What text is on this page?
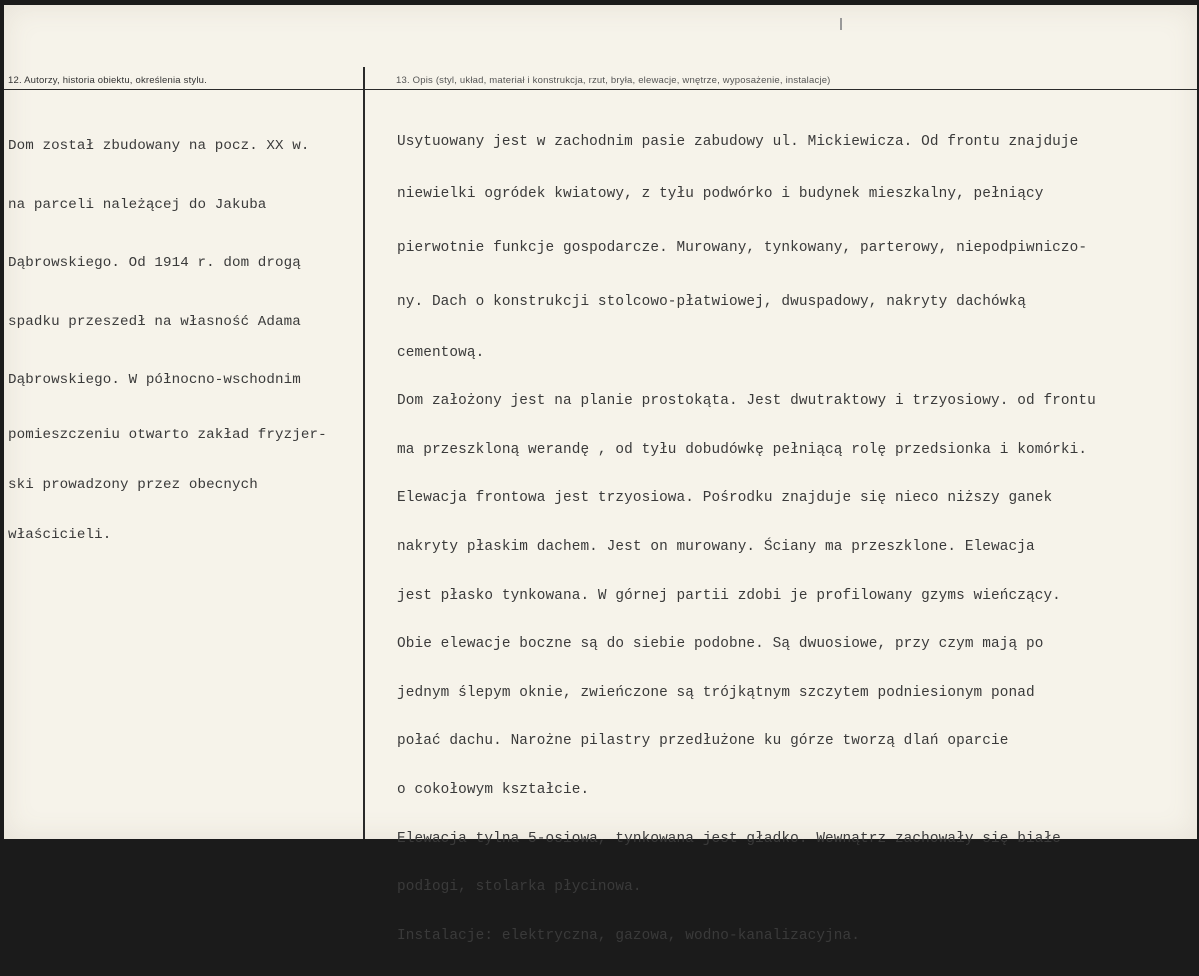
12. Autorzy, historia obiektu, określenia stylu.	13. Opis (styl, układ, materiał i konstrukcja, rzut, bryła, elewacje, wnętrze, wyposażenie, instalacje)

Dom został zbudowany na pocz. XX w.

na parceli należącej do Jakuba

Dąbrowskiego. Od 1914 r. dom drogą

spadku przeszedł na własność Adama

Dąbrowskiego. W północno-wschodnim

pomieszczeniu otwarto zakład fryzjer-

ski prowadzony przez obecnych

właścicieli.

Usytuowany jest w zachodnim pasie zabudowy ul. Mickiewicza. Od frontu znajduje

niewielki ogródek kwiatowy, z tyłu podwórko i budynek mieszkalny, pełniący

pierwotnie funkcje gospodarcze. Murowany, tynkowany, parterowy, niepodpiwniczo-

ny. Dach o konstrukcji stolcowo-płatwiowej, dwuspadowy, nakryty dachówką

cementową.

Dom założony jest na planie prostokąta. Jest dwutraktowy i trzyosiowy. od frontu

ma przeszkloną werandę , od tyłu dobudówkę pełniącą rolę przedsionka i komórki.

Elewacja frontowa jest trzyosiowa. Pośrodku znajduje się nieco niższy ganek

nakryty płaskim dachem. Jest on murowany. Ściany ma przeszklone. Elewacja

jest płasko tynkowana. W górnej partii zdobi je profilowany gzyms wieńczący.

Obie elewacje boczne są do siebie podobne. Są dwuosiowe, przy czym mają po

jednym ślepym oknie, zwieńczone są trójkątnym szczytem podniesionym ponad

połać dachu. Narożne pilastry przedłużone ku górze tworzą dlań oparcie

o cokołowym kształcie.

Elewacja tylna 5-osiowa, tynkowana jest gładko. Wewnątrz zachowały się białe

podłogi, stolarka płycinowa.

Instalacje: elektryczna, gazowa, wodno-kanalizacyjna.
